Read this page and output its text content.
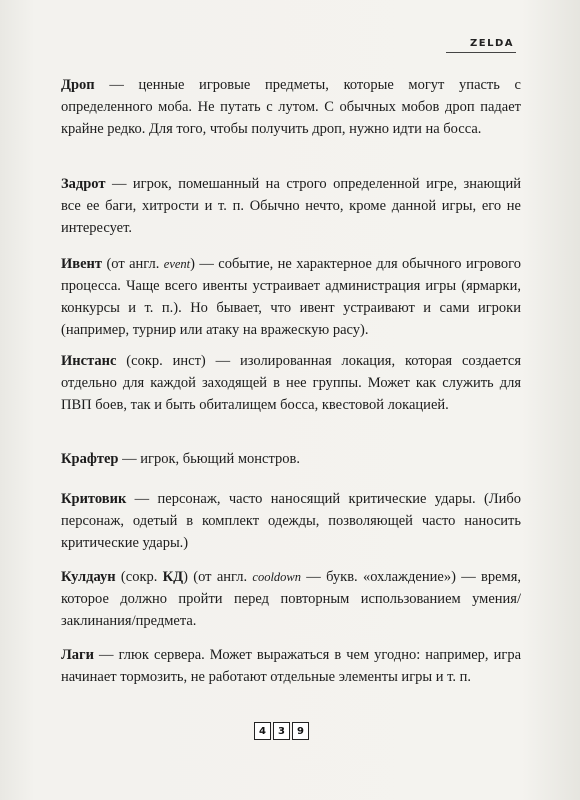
ZELDA

Дроп — ценные игровые предметы, которые могут упасть с определенного моба. Не путать с лутом. С обычных мобов дроп падает крайне редко. Для того, чтобы получить дроп, нужно идти на босса.

Задрот — игрок, помешанный на строго определенной игре, знающий все ее баги, хитрости и т. п. Обычно нечто, кроме данной игры, его не интересует.

Ивент (от англ. event) — событие, не характерное для обычного игрового процесса. Чаще всего ивенты устраивает администрация игры (ярмарки, конкурсы и т. п.). Но бывает, что ивент устраивают и сами игроки (например, турнир или атаку на вражескую расу).

Инстанс (сокр. инст) — изолированная локация, которая создается отдельно для каждой заходящей в нее группы. Может как служить для ПВП боев, так и быть обиталищем босса, квестовой локацией.

Крафтер — игрок, бьющий монстров.

Критовик — персонаж, часто наносящий критические удары. (Либо персонаж, одетый в комплект одежды, позволяющей часто наносить критические удары.)

Кулдаун (сокр. КД) (от англ. cooldown — букв. «охлаждение») — время, которое должно пройти перед повторным использованием умения/заклинания/предмета.

Лаги — глюк сервера. Может выражаться в чем угодно: например, игра начинает тормозить, не работают отдельные элементы игры и т. п.

4	3	9
